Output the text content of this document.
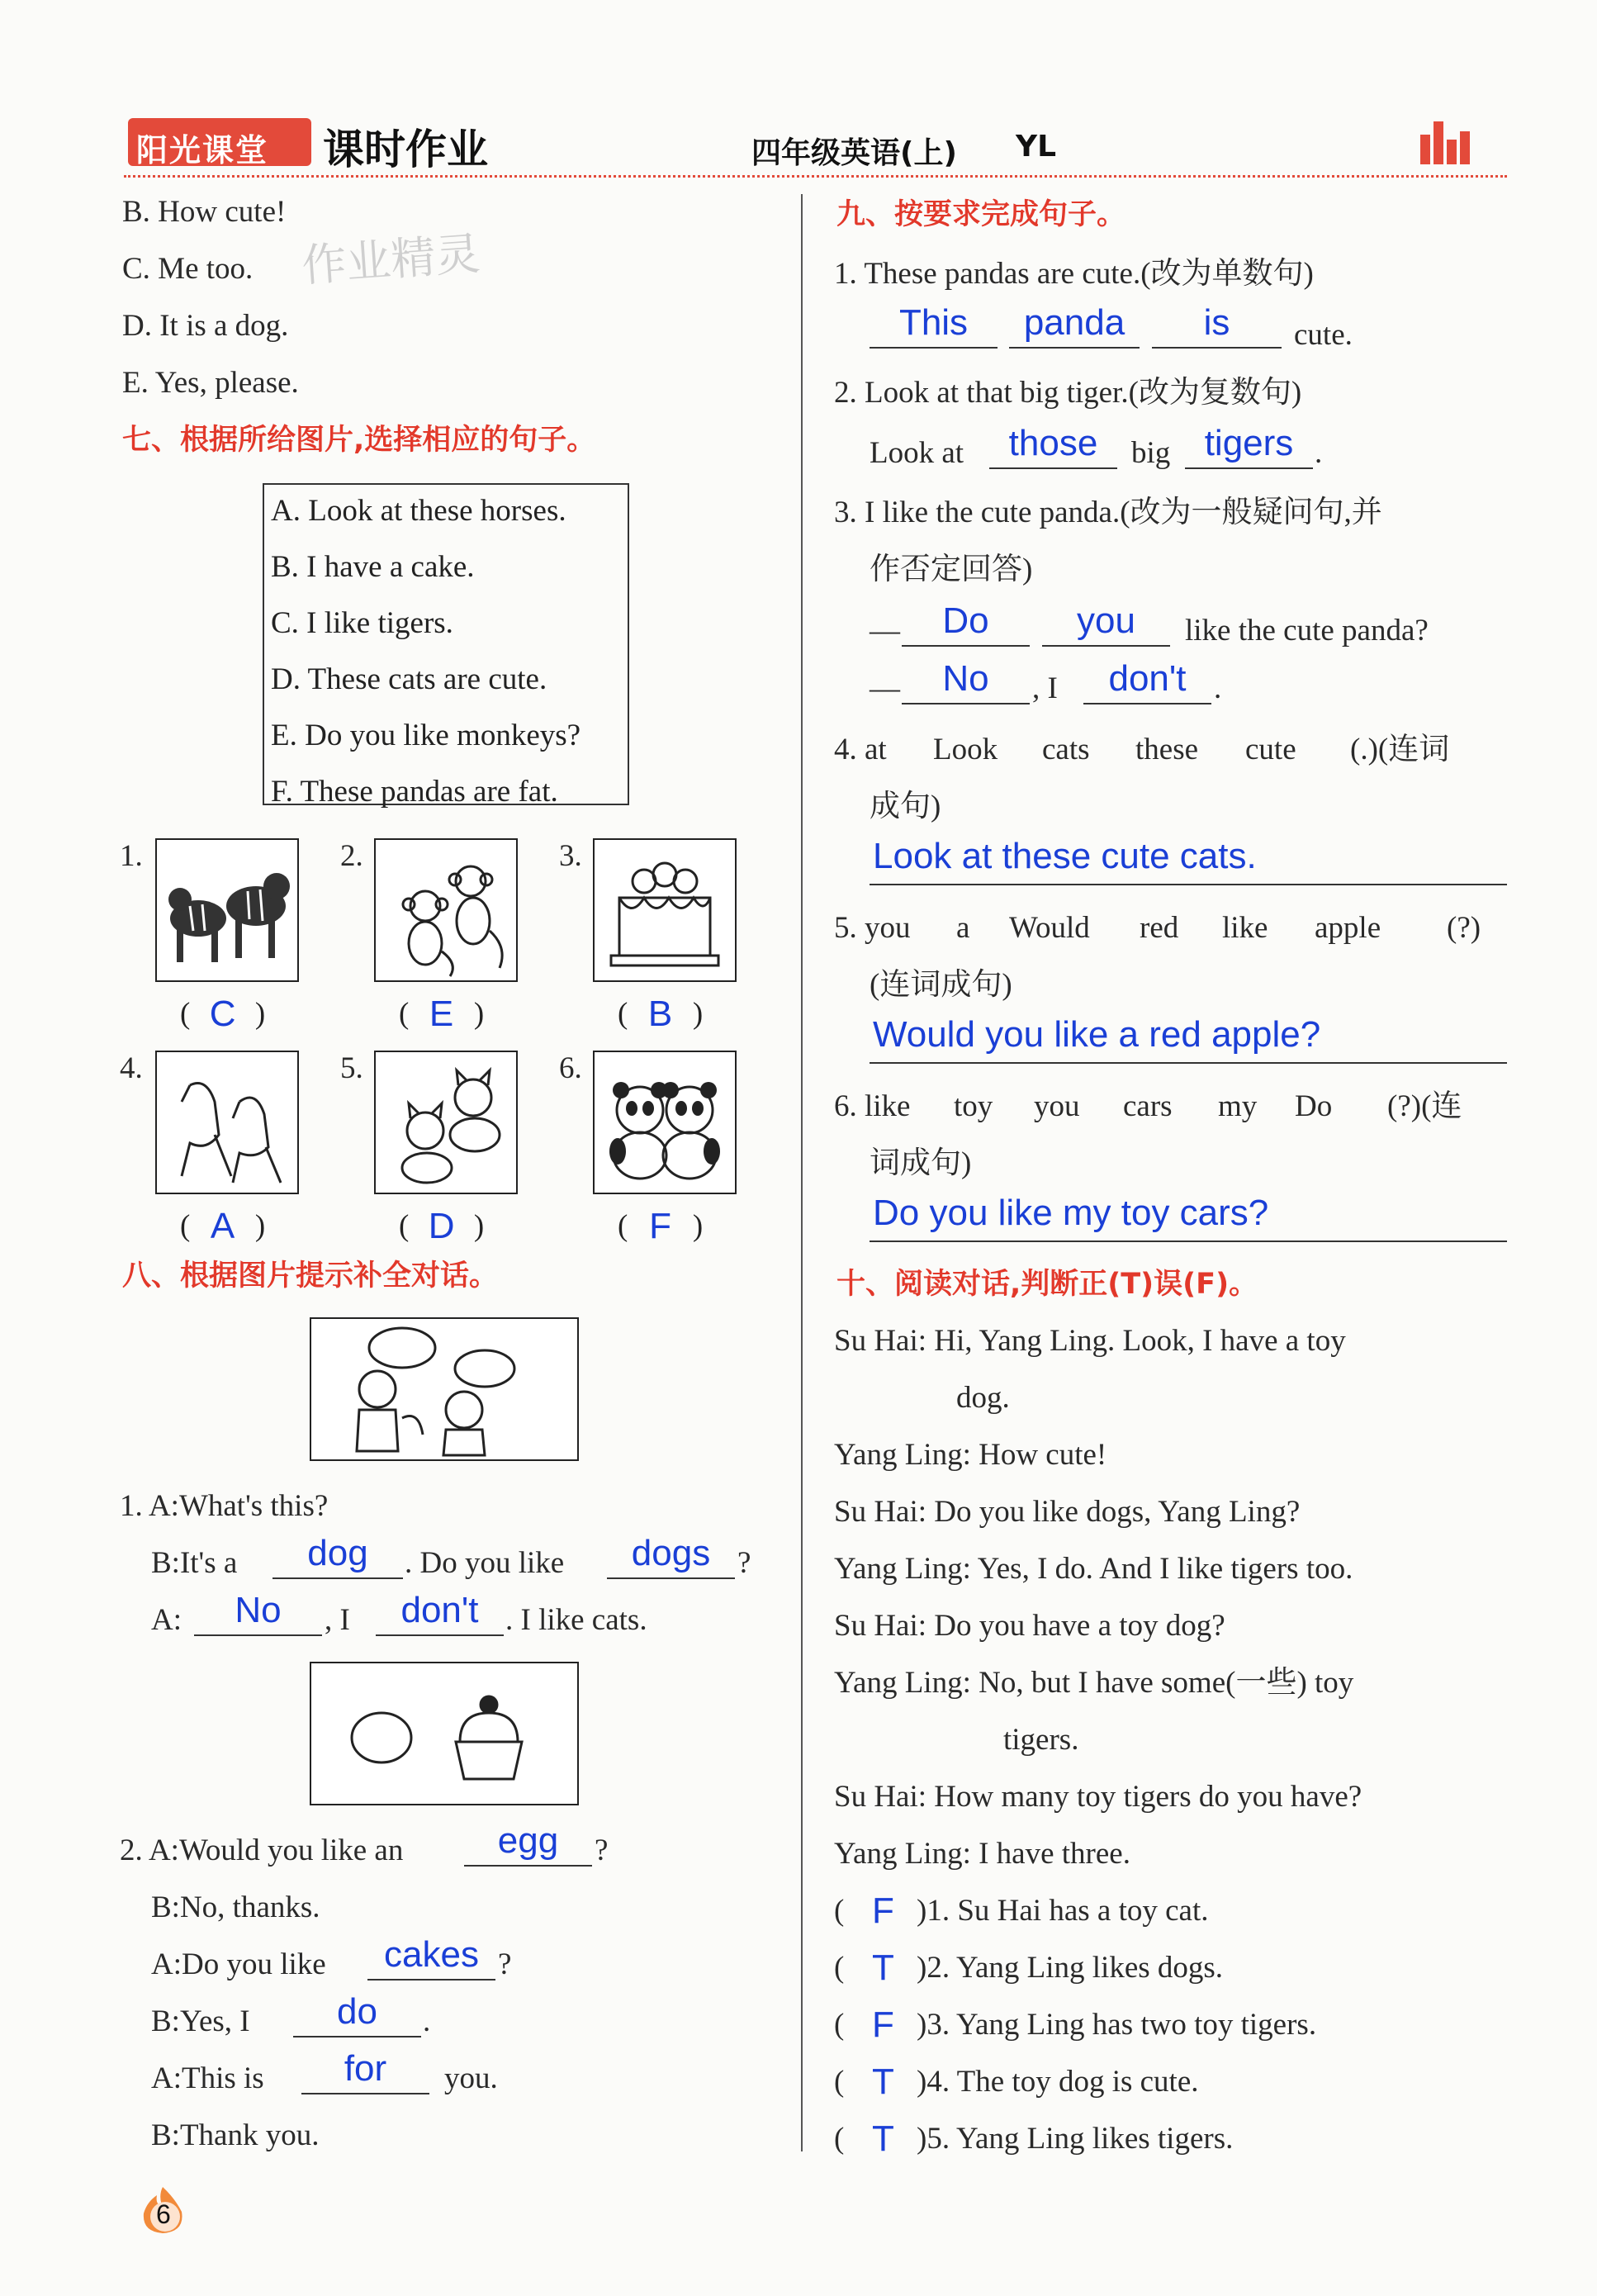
阳光课堂 课时作业	四年级英语(上) YL
作业精灵
B. How cute!
C. Me too.
D. It is a dog.
E. Yes, please.
七、根据所给图片,选择相应的句子。
A. Look at these horses.
B. I have a cake.
C. I like tigers.
D. These cats are cute.
E. Do you like monkeys?
F. These pandas are fat.
1.
( C )
2.
( E )
3.
( B )
4.
( A )
5.
( D )
6.
( F )
八、根据图片提示补全对话。
1. A:What's this?
B:It's a	dog	. Do you like	dogs ?
A:	No	, I	don't . I like cats.
2. A:Would you like an	egg	?
B:No, thanks.
A:Do you like	cakes ?
B:Yes, I	do	.
A:This is	for	you.
B:Thank you.
6
九、按要求完成句子。
1. These pandas are cute.(改为单数句)
This	panda	is	cute.
2. Look at that big tiger.(改为复数句)
Look at	those	big tigers .
3. I like the cute panda.(改为一般疑问句,并
作否定回答)
—	Do	you	like the cute panda?
—	No	, I	don't .
4. at Look cats these cute (.)(连词
成句)
Look at these cute cats.
5. you a Would red like apple (?)
(连词成句)
Would you like a red apple?
6. like toy you cars my Do (?)(连
词成句)
Do you like my toy cars?
十、阅读对话,判断正(T)误(F)。
Su Hai: Hi, Yang Ling. Look, I have a toy
dog.
Yang Ling: How cute!
Su Hai: Do you like dogs, Yang Ling?
Yang Ling: Yes, I do. And I like tigers too.
Su Hai: Do you have a toy dog?
Yang Ling: No, but I have some(一些) toy
tigers.
Su Hai: How many toy tigers do you have?
Yang Ling: I have three.
( F )1. Su Hai has a toy cat.
( T )2. Yang Ling likes dogs.
( F )3. Yang Ling has two toy tigers.
( T )4. The toy dog is cute.
( T )5. Yang Ling likes tigers.
